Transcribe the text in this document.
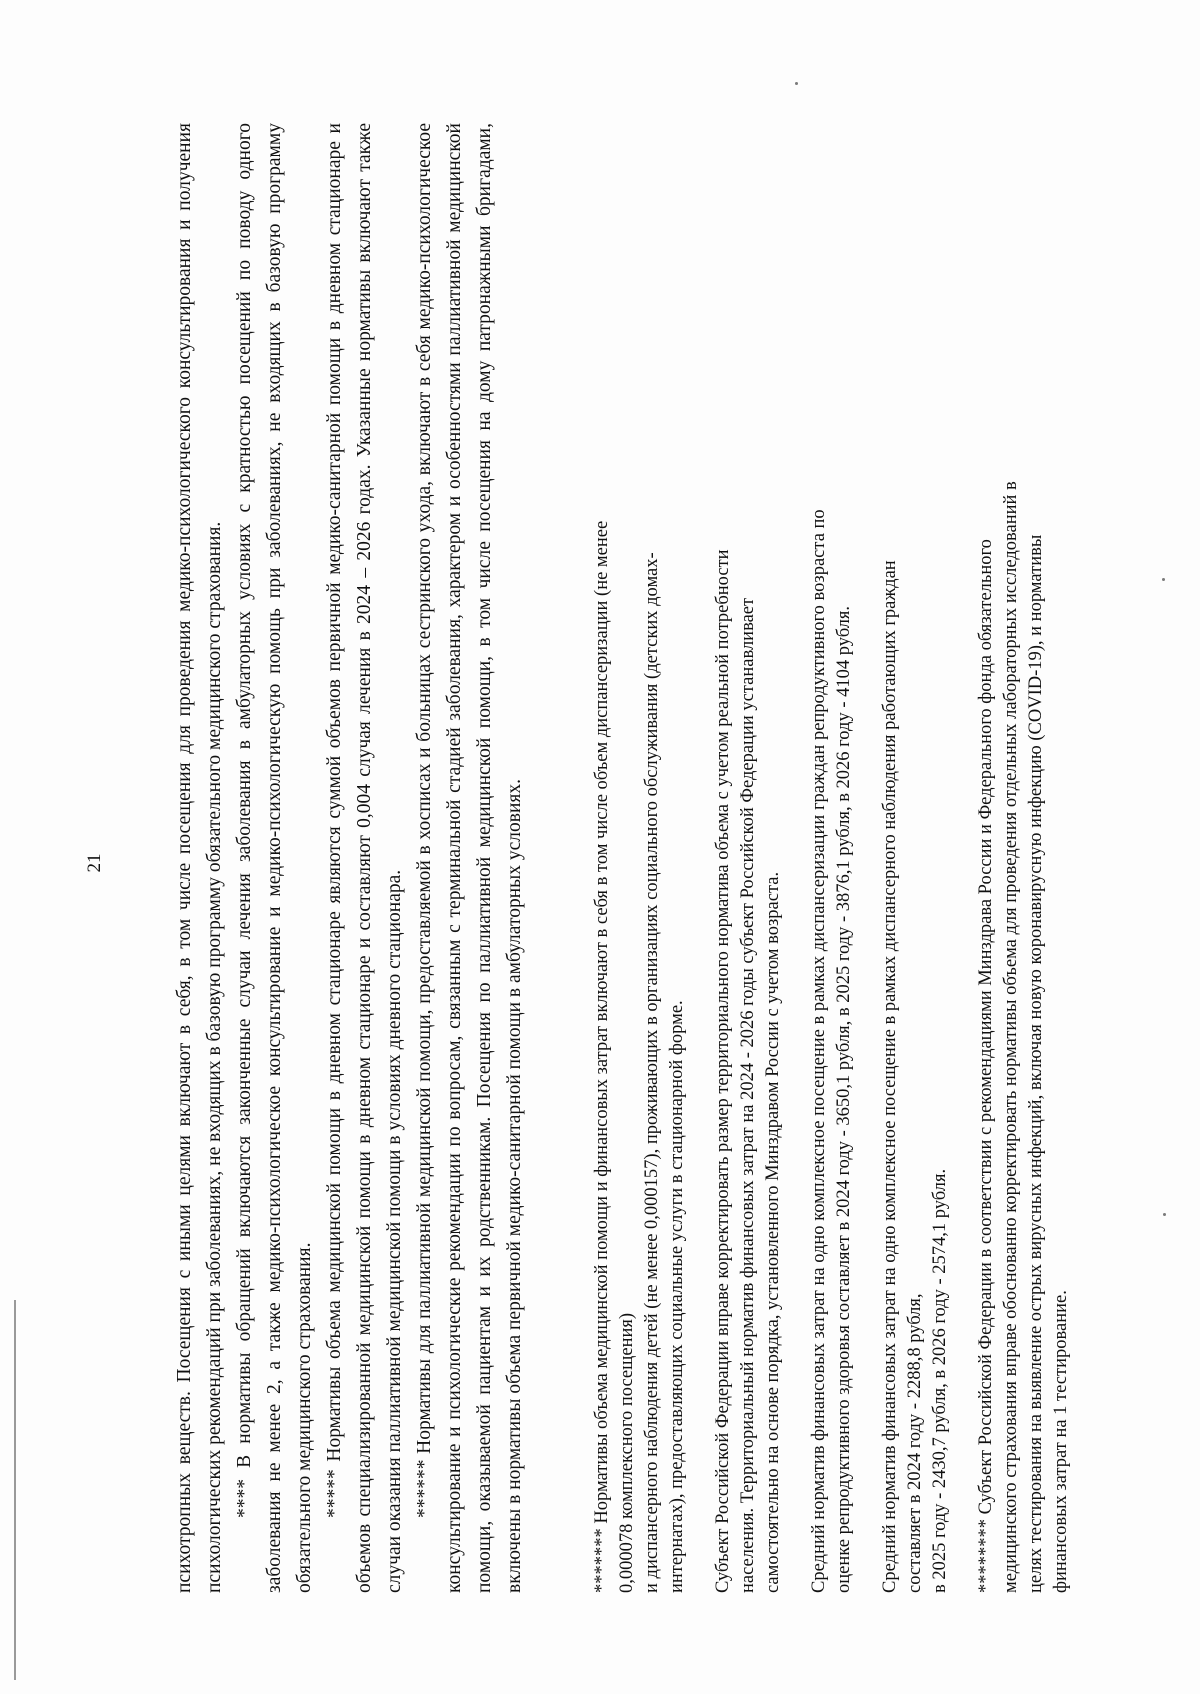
21	психотропных веществ. Посещения с иными целями включают в себя, в том числе посещения для проведения медико-психологического консультирования и получения психологических рекомендаций при заболеваниях, не входящих в базовую программу обязательного медицинского страхования. **** В нормативы обращений включаются законченные случаи лечения заболевания в амбулаторных условиях с кратностью посещений по поводу одного заболевания не менее 2, а также медико-психологическое консультирование и медико-психологическую помощь при заболеваниях, не входящих в базовую программу обязательного медицинского страхования. ***** Нормативы объема медицинской помощи в дневном стационаре являются суммой объемов первичной медико-санитарной помощи в дневном стационаре и объемов специализированной медицинской помощи в дневном стационаре и составляют 0,004 случая лечения в 2024 – 2026 годах. Указанные нормативы включают также случаи оказания паллиативной медицинской помощи в условиях дневного стационара. ****** Нормативы для паллиативной медицинской помощи, предоставляемой в хосписах и больницах сестринского ухода, включают в себя медико-психологическое консультирование и психологические рекомендации по вопросам, связанным с терминальной стадией заболевания, характером и особенностями паллиативной медицинской помощи, оказываемой пациентам и их родственникам. Посещения по паллиативной медицинской помощи, в том числе посещения на дому патронажными бригадами, включены в нормативы объема первичной медико-санитарной помощи в амбулаторных условиях.	******* Нормативы объема медицинской помощи и финансовых затрат включают в себя в том числе объем диспансеризации (не менее 0,000078 комплексного посещения) и диспансерного наблюдения детей (не менее 0,000157), проживающих в организациях социального обслуживания (детских домах- интернатах), предоставляющих социальные услуги в стационарной форме. Субъект Российской Федерации вправе корректировать размер территориального норматива объема с учетом реальной потребности населения. Территориальный норматив финансовых затрат на 2024 - 2026 годы субъект Российской Федерации устанавливает самостоятельно на основе порядка, установленного Минздравом России с учетом возраста. Средний норматив финансовых затрат на одно комплексное посещение в рамках диспансеризации граждан репродуктивного возраста по оценке репродуктивного здоровья составляет в 2024 году - 3650,1 рубля, в 2025 году - 3876,1 рубля, в 2026 году - 4104 рубля. Средний норматив финансовых затрат на одно комплексное посещение в рамках диспансерного наблюдения работающих граждан составляет в 2024 году - 2288,8 рубля, в 2025 году - 2430,7 рубля, в 2026 году - 2574,1 рубля. ******** Субъект Российской Федерации в соответствии с рекомендациями Минздрава России и Федерального фонда обязательного медицинского страхования вправе обоснованно корректировать нормативы объема для проведения отдельных лабораторных исследований в целях тестирования на выявление острых вирусных инфекций, включая новую коронавирусную инфекцию (COVID-19), и нормативы финансовых затрат на 1 тестирование.
